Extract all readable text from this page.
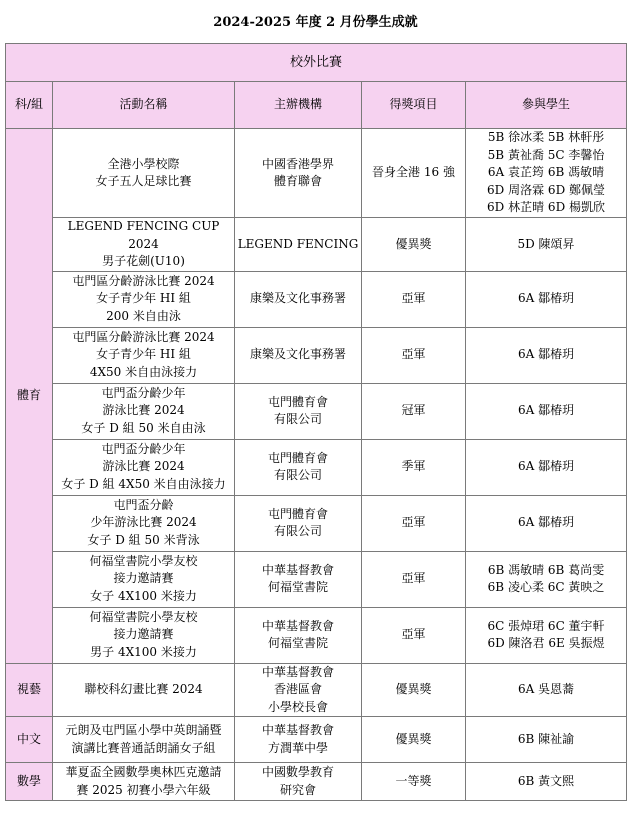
2024-2025 年度 2 月份學生成就
校外比賽				
科/組	活動名稱	主辦機構	得獎項目	參與學生
體育	全港小學校際
女子五人足球比賽	中國香港學界
體育聯會	晉身全港 16 強	5B 徐冰柔 5B 林軒彤
5B 黃祉喬 5C 李馨怡
6A 袁芷筠 6B 馮敏晴
6D 周洛霖 6D 鄭佩瑩
6D 林芷晴 6D 楊凱欣
	LEGEND FENCING CUP 2024
男子花劍(U10)	LEGEND FENCING	優異獎	5D 陳頌昇
	屯門區分齡游泳比賽 2024
女子青少年 HI 組
200 米自由泳	康樂及文化事務署	亞軍	6A 鄒椿玥
	屯門區分齡游泳比賽 2024
女子青少年 HI 組
4X50 米自由泳接力	康樂及文化事務署	亞軍	6A 鄒椿玥
	屯門盃分齡少年
游泳比賽 2024
女子 D 組 50 米自由泳	屯門體育會
有限公司	冠軍	6A 鄒椿玥
	屯門盃分齡少年
游泳比賽 2024
女子 D 組 4X50 米自由泳接力	屯門體育會
有限公司	季軍	6A 鄒椿玥
	屯門盃分齡
少年游泳比賽 2024
女子 D 組 50 米背泳	屯門體育會
有限公司	亞軍	6A 鄒椿玥
	何福堂書院小學友校
接力邀請賽
女子 4X100 米接力	中華基督教會
何福堂書院	亞軍	6B 馮敏晴 6B 葛尚雯
6B 凌心柔 6C 黃映之
	何福堂書院小學友校
接力邀請賽
男子 4X100 米接力	中華基督教會
何福堂書院	亞軍	6C 張焯珺 6C 董宇軒
6D 陳洛君 6E 吳振煜
視藝	聯校科幻畫比賽 2024	中華基督教會
香港區會
小學校長會	優異獎	6A 吳恩蕎
中文	元朗及屯門區小學中英朗誦暨
演講比賽普通話朗誦女子組	中華基督教會
方潤華中學	優異獎	6B 陳祉諭
數學	華夏盃全國數學奧林匹克邀請
賽 2025 初賽小學六年級	中國數學教育
研究會	一等獎	6B 黃文熙
